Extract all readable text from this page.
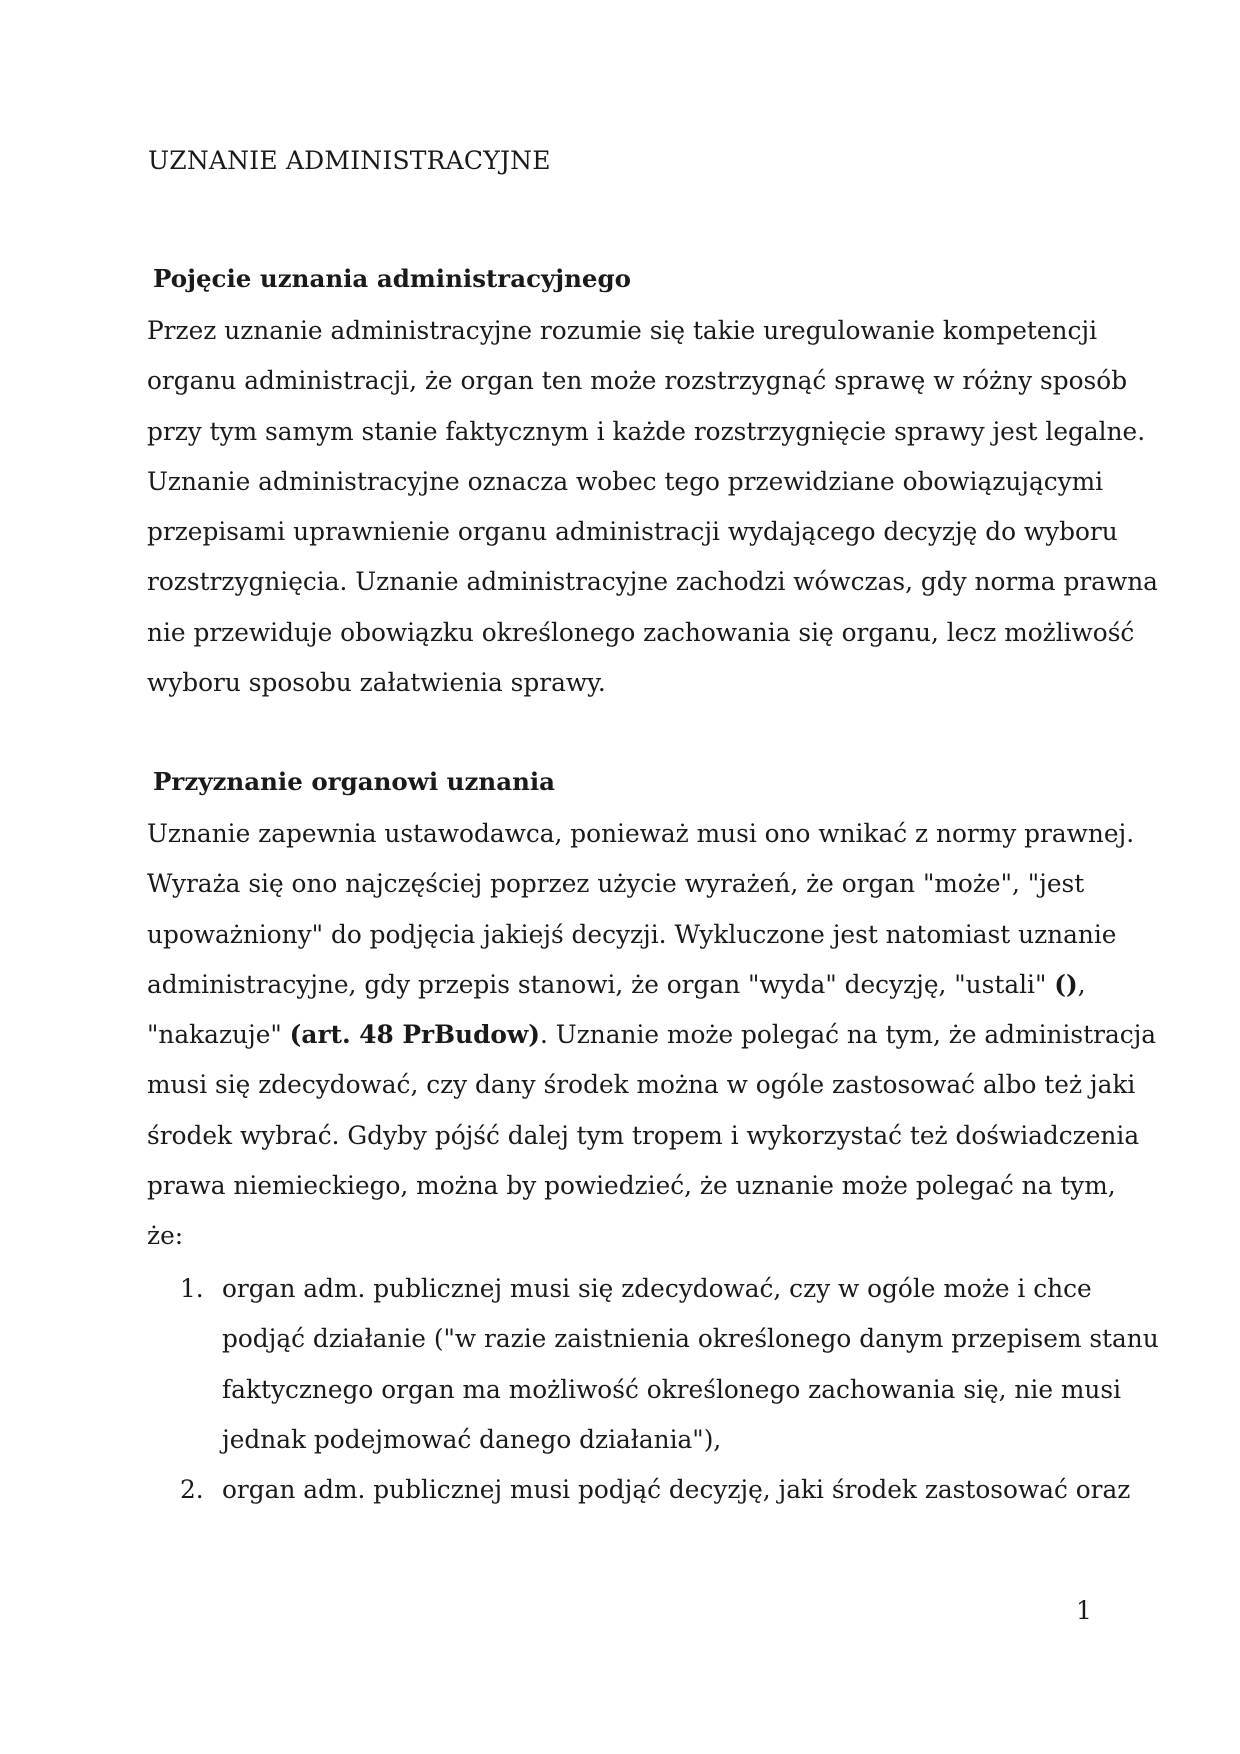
UZNANIE ADMINISTRACYJNE
Pojęcie uznania administracyjnego
Przez uznanie administracyjne rozumie się takie uregulowanie kompetencji
organu administracji, że organ ten może rozstrzygnąć sprawę w różny sposób
przy tym samym stanie faktycznym i każde rozstrzygnięcie sprawy jest legalne.
Uznanie administracyjne oznacza wobec tego przewidziane obowiązującymi
przepisami uprawnienie organu administracji wydającego decyzję do wyboru
rozstrzygnięcia. Uznanie administracyjne zachodzi wówczas, gdy norma prawna
nie przewiduje obowiązku określonego zachowania się organu, lecz możliwość
wyboru sposobu załatwienia sprawy.
Przyznanie organowi uznania
Uznanie zapewnia ustawodawca, ponieważ musi ono wnikać z normy prawnej.
Wyraża się ono najczęściej poprzez użycie wyrażeń, że organ "może", "jest
upoważniony" do podjęcia jakiejś decyzji. Wykluczone jest natomiast uznanie
administracyjne, gdy przepis stanowi, że organ "wyda" decyzję, "ustali" (),
"nakazuje" (art. 48 PrBudow). Uznanie może polegać na tym, że administracja
musi się zdecydować, czy dany środek można w ogóle zastosować albo też jaki
środek wybrać. Gdyby pójść dalej tym tropem i wykorzystać też doświadczenia
prawa niemieckiego, można by powiedzieć, że uznanie może polegać na tym,
że:
1. organ adm. publicznej musi się zdecydować, czy w ogóle może i chce
podjąć działanie ("w razie zaistnienia określonego danym przepisem stanu
faktycznego organ ma możliwość określonego zachowania się, nie musi
jednak podejmować danego działania"),
2. organ adm. publicznej musi podjąć decyzję, jaki środek zastosować oraz
1
